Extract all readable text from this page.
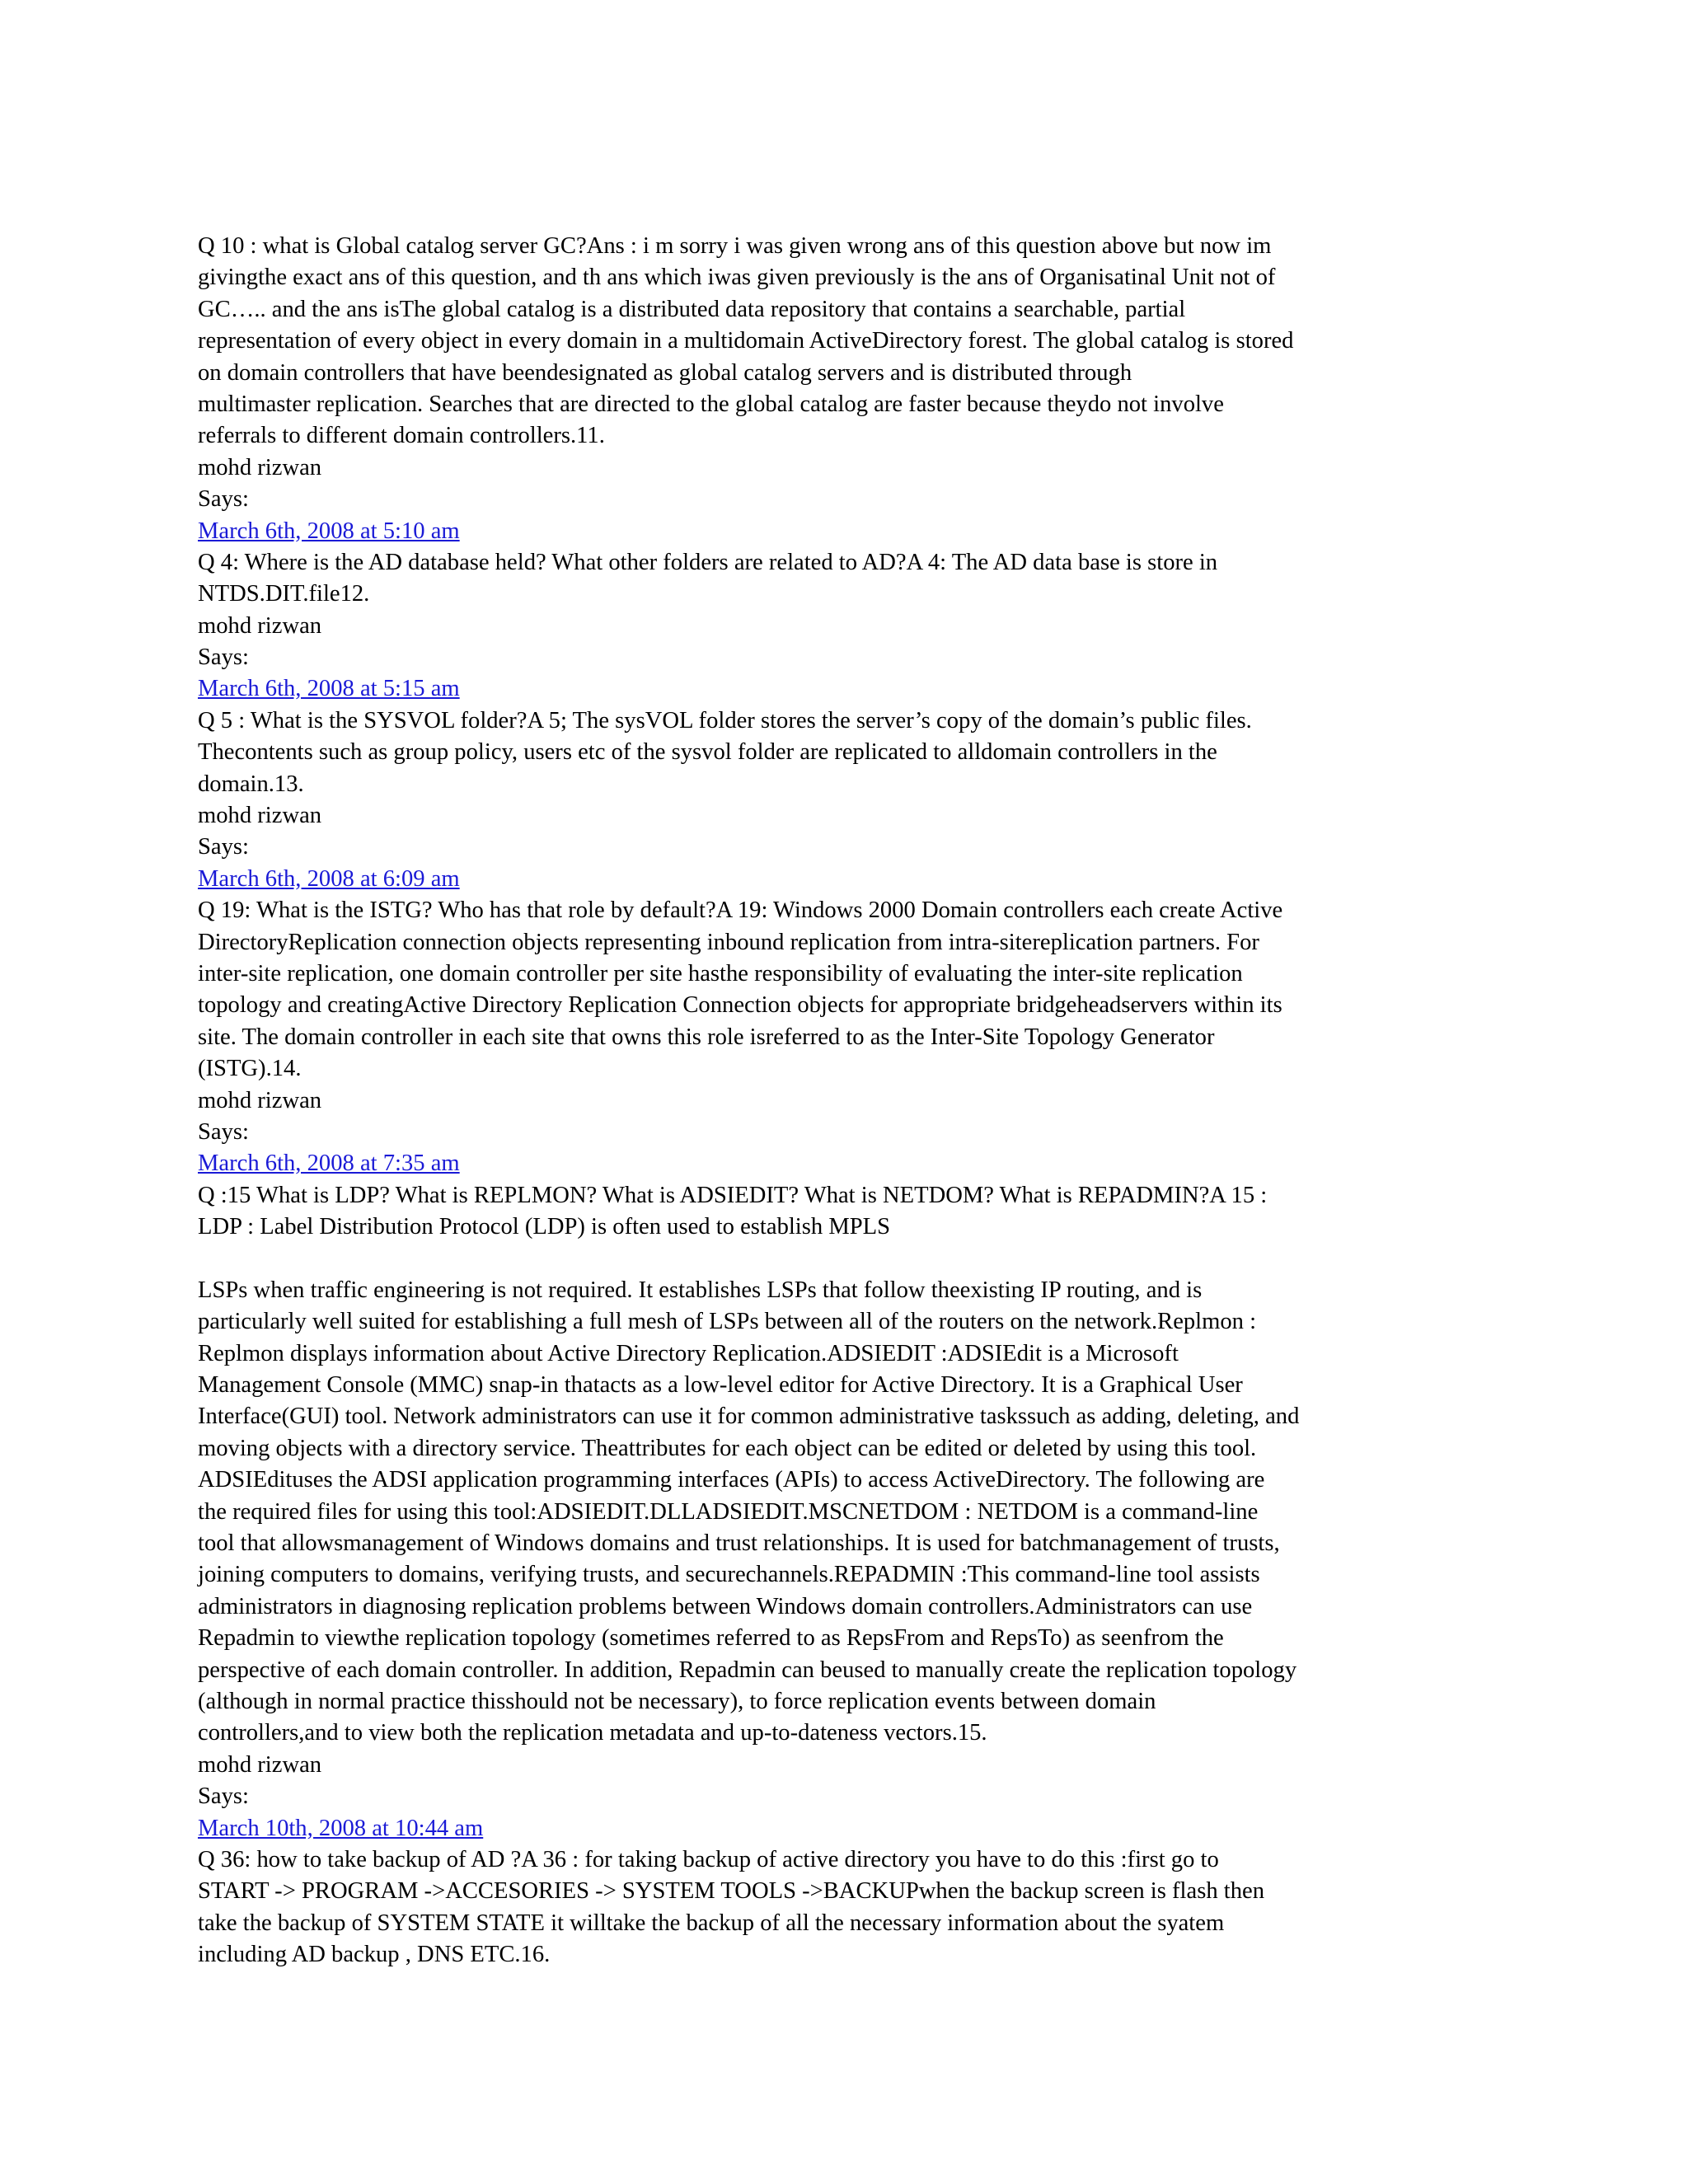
Q 10 : what is Global catalog server GC?Ans : i m sorry i was given wrong ans of this question above but now im
givingthe exact ans of this question, and th ans which iwas given previously is the ans of Organisatinal Unit not of
GC….. and the ans isThe global catalog is a distributed data repository that contains a searchable, partial
representation of every object in every domain in a multidomain ActiveDirectory forest. The global catalog is stored
on domain controllers that have beendesignated as global catalog servers and is distributed through
multimaster replication. Searches that are directed to the global catalog are faster because theydo not involve
referrals to different domain controllers.11.
mohd rizwan
Says:
March 6th, 2008 at 5:10 am
Q 4: Where is the AD database held? What other folders are related to AD?A 4: The AD data base is store in
NTDS.DIT.file12.
mohd rizwan
Says:
March 6th, 2008 at 5:15 am
Q 5 : What is the SYSVOL folder?A 5; The sysVOL folder stores the server’s copy of the domain’s public files.
Thecontents such as group policy, users etc of the sysvol folder are replicated to alldomain controllers in the
domain.13.
mohd rizwan
Says:
March 6th, 2008 at 6:09 am
Q 19: What is the ISTG? Who has that role by default?A 19: Windows 2000 Domain controllers each create Active
DirectoryReplication connection objects representing inbound replication from intra-sitereplication partners. For
inter-site replication, one domain controller per site hasthe responsibility of evaluating the inter-site replication
topology and creatingActive Directory Replication Connection objects for appropriate bridgeheadservers within its
site. The domain controller in each site that owns this role isreferred to as the Inter-Site Topology Generator
(ISTG).14.
mohd rizwan
Says:
March 6th, 2008 at 7:35 am
Q :15 What is LDP? What is REPLMON? What is ADSIEDIT? What is NETDOM? What is REPADMIN?A 15 :
LDP : Label Distribution Protocol (LDP) is often used to establish MPLS
LSPs when traffic engineering is not required. It establishes LSPs that follow theexisting IP routing, and is
particularly well suited for establishing a full mesh of LSPs between all of the routers on the network.Replmon :
Replmon displays information about Active Directory Replication.ADSIEDIT :ADSIEdit is a Microsoft
Management Console (MMC) snap-in thatacts as a low-level editor for Active Directory. It is a Graphical User
Interface(GUI) tool. Network administrators can use it for common administrative taskssuch as adding, deleting, and
moving objects with a directory service. Theattributes for each object can be edited or deleted by using this tool.
ADSIEdituses the ADSI application programming interfaces (APIs) to access ActiveDirectory. The following are
the required files for using this tool:ADSIEDIT.DLLADSIEDIT.MSCNETDOM : NETDOM is a command-line
tool that allowsmanagement of Windows domains and trust relationships. It is used for batchmanagement of trusts,
joining computers to domains, verifying trusts, and securechannels.REPADMIN :This command-line tool assists
administrators in diagnosing replication problems between Windows domain controllers.Administrators can use
Repadmin to viewthe replication topology (sometimes referred to as RepsFrom and RepsTo) as seenfrom the
perspective of each domain controller. In addition, Repadmin can beused to manually create the replication topology
(although in normal practice thisshould not be necessary), to force replication events between domain
controllers,and to view both the replication metadata and up-to-dateness vectors.15.
mohd rizwan
Says:
March 10th, 2008 at 10:44 am
Q 36: how to take backup of AD ?A 36 : for taking backup of active directory you have to do this :first go to
START -> PROGRAM ->ACCESORIES -> SYSTEM TOOLS ->BACKUPwhen the backup screen is flash then
take the backup of SYSTEM STATE it willtake the backup of all the necessary information about the syatem
including AD backup , DNS ETC.16.
